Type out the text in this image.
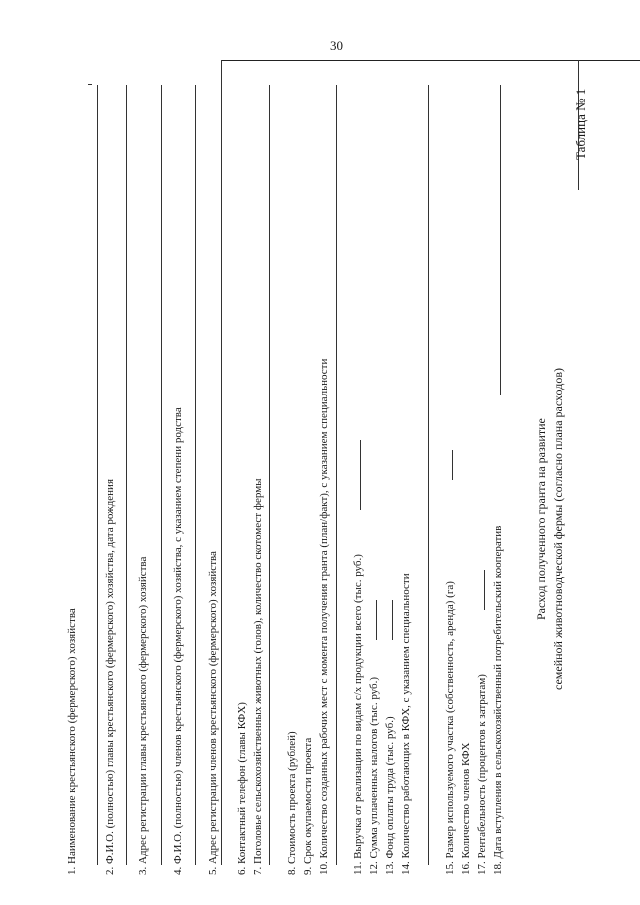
30
1. Наименование крестьянского (фермерского) хозяйства 2. Ф.И.О. (полностью) главы крестьянского (фермерского) хозяйства, дата рождения 3. Адрес регистрации главы крестьянского (фермерского) хозяйства 4. Ф.И.О. (полностью) членов крестьянского (фермерского) хозяйства, с указанием степени родства 5. Адрес регистрации членов крестьянского (фермерского) хозяйства 6. Контактный телефон (главы КФХ) 7. Поголовье сельскохозяйственных животных (голов), количество скотомест фермы 8. Стоимость проекта (рублей) 9. Срок окупаемости проекта 10. Количество созданных рабочих мест с момента получения гранта (план/факт), с указанием специальности 11. Выручка от реализации по видам с/х продукции всего (тыс. руб.) 12. Сумма уплаченных налогов (тыс. руб.) 13. Фонд оплаты труда (тыс. руб.) 14. Количество работающих в КФХ, с указанием специальности	15. Размер используемого участка (собственность, аренда) (га) 16. Количество членов КФХ 17. Рентабельность (процентов к затратам) 18. Дата вступления в сельскохозяйственный потребительский кооператив
Расход полученного гранта на развитие семейной животноводческой фермы (согласно плана расходов)
Таблица № 1
